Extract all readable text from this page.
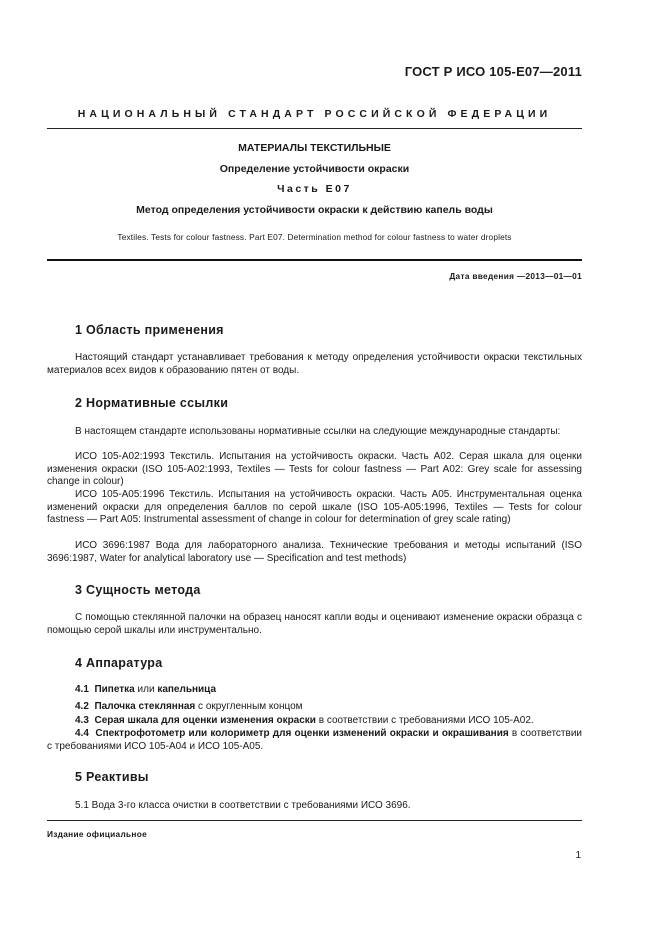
ГОСТ Р ИСО 105-Е07—2011
НАЦИОНАЛЬНЫЙ СТАНДАРТ РОССИЙСКОЙ ФЕДЕРАЦИИ
МАТЕРИАЛЫ ТЕКСТИЛЬНЫЕ
Определение устойчивости окраски
Часть Е07
Метод определения устойчивости окраски к действию капель воды
Textiles. Tests for colour fastness. Part E07. Determination method for colour fastness to water droplets
Дата введения —2013—01—01
1 Область применения

Настоящий стандарт устанавливает требования к методу определения устойчивости окраски текстильных материалов всех видов к образованию пятен от воды.

2 Нормативные ссылки

В настоящем стандарте использованы нормативные ссылки на следующие международные стандарты:

ИСО 105-А02:1993 Текстиль. Испытания на устойчивость окраски. Часть А02. Серая шкала для оценки изменения окраски (ISO 105-А02:1993, Textiles — Tests for colour fastness — Part A02: Grey scale for assessing change in colour)

ИСО 105-А05:1996 Текстиль. Испытания на устойчивость окраски. Часть А05. Инструментальная оценка изменений окраски для определения баллов по серой шкале (ISO 105-А05:1996, Textiles — Tests for colour fastness — Part A05: Instrumental assessment of change in colour for determination of grey scale rating)

ИСО 3696:1987 Вода для лабораторного анализа. Технические требования и методы испытаний (ISO 3696:1987, Water for analytical laboratory use — Specification and test methods)

3 Сущность метода

С помощью стеклянной палочки на образец наносят капли воды и оценивают изменение окраски образца с помощью серой шкалы или инструментально.

4 Аппаратура
4.1 Пипетка или капельница
4.2 Палочка стеклянная с округленным концом
4.3 Серая шкала для оценки изменения окраски в соответствии с требованиями ИСО 105-А02.
4.4 Спектрофотометр или колориметр для оценки изменений окраски и окрашивания в соответствии с требованиями ИСО 105-А04 и ИСО 105-А05.
5 Реактивы

5.1 Вода 3-го класса очистки в соответствии с требованиями ИСО 3696.

Издание официальное
1
